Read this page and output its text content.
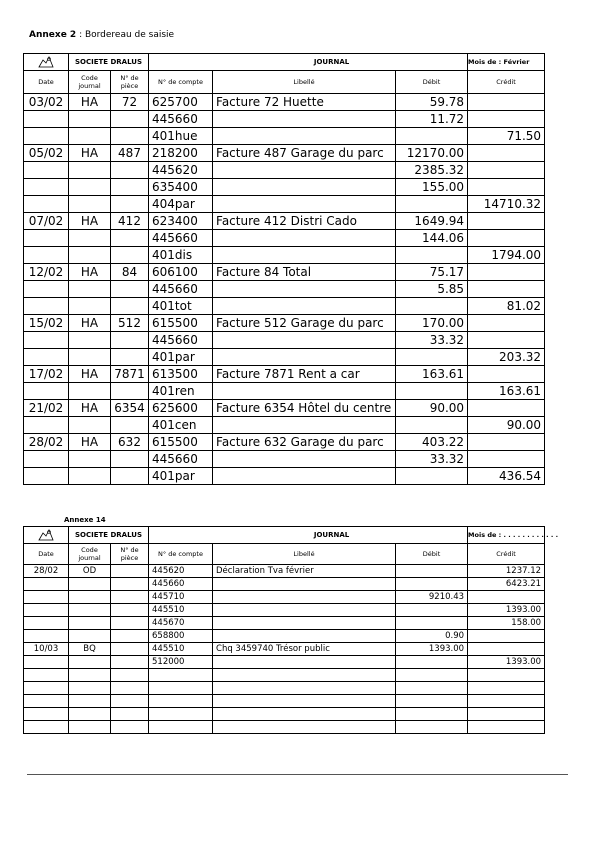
Annexe 2 : Bordereau de saisie
	SOCIETE DRALUS		JOURNAL			Mois de : Février
Date	Code journal	N° de pièce	N° de compte	Libellé	Débit	Crédit
03/02	HA	72	625700	Facture 72 Huette	59.78	
			445660		11.72	
			401hue			71.50
05/02	HA	487	218200	Facture 487 Garage du parc	12170.00	
			445620		2385.32	
			635400		155.00	
			404par			14710.32
07/02	HA	412	623400	Facture 412 Distri Cado	1649.94	
			445660		144.06	
			401dis			1794.00
12/02	HA	84	606100	Facture 84 Total	75.17	
			445660		5.85	
			401tot			81.02
15/02	HA	512	615500	Facture 512 Garage du parc	170.00	
			445660		33.32	
			401par			203.32
17/02	HA	7871	613500	Facture 7871 Rent a car	163.61	
			401ren			163.61
21/02	HA	6354	625600	Facture 6354 Hôtel du centre	90.00	
			401cen			90.00
28/02	HA	632	615500	Facture 632 Garage du parc	403.22	
			445660		33.32	
			401par			436.54
Annexe 14
	SOCIETE DRALUS		JOURNAL			Mois de : . . . . . . . . . . . .
Date	Code journal	N° de pièce	N° de compte	Libellé	Débit	Crédit
28/02	OD		445620	Déclaration Tva février		1237.12
			445660			6423.21
			445710		9210.43	
			445510			1393.00
			445670			158.00
			658800		0.90	
10/03	BQ		445510	Chq 3459740 Trésor public	1393.00	
			512000			1393.00
